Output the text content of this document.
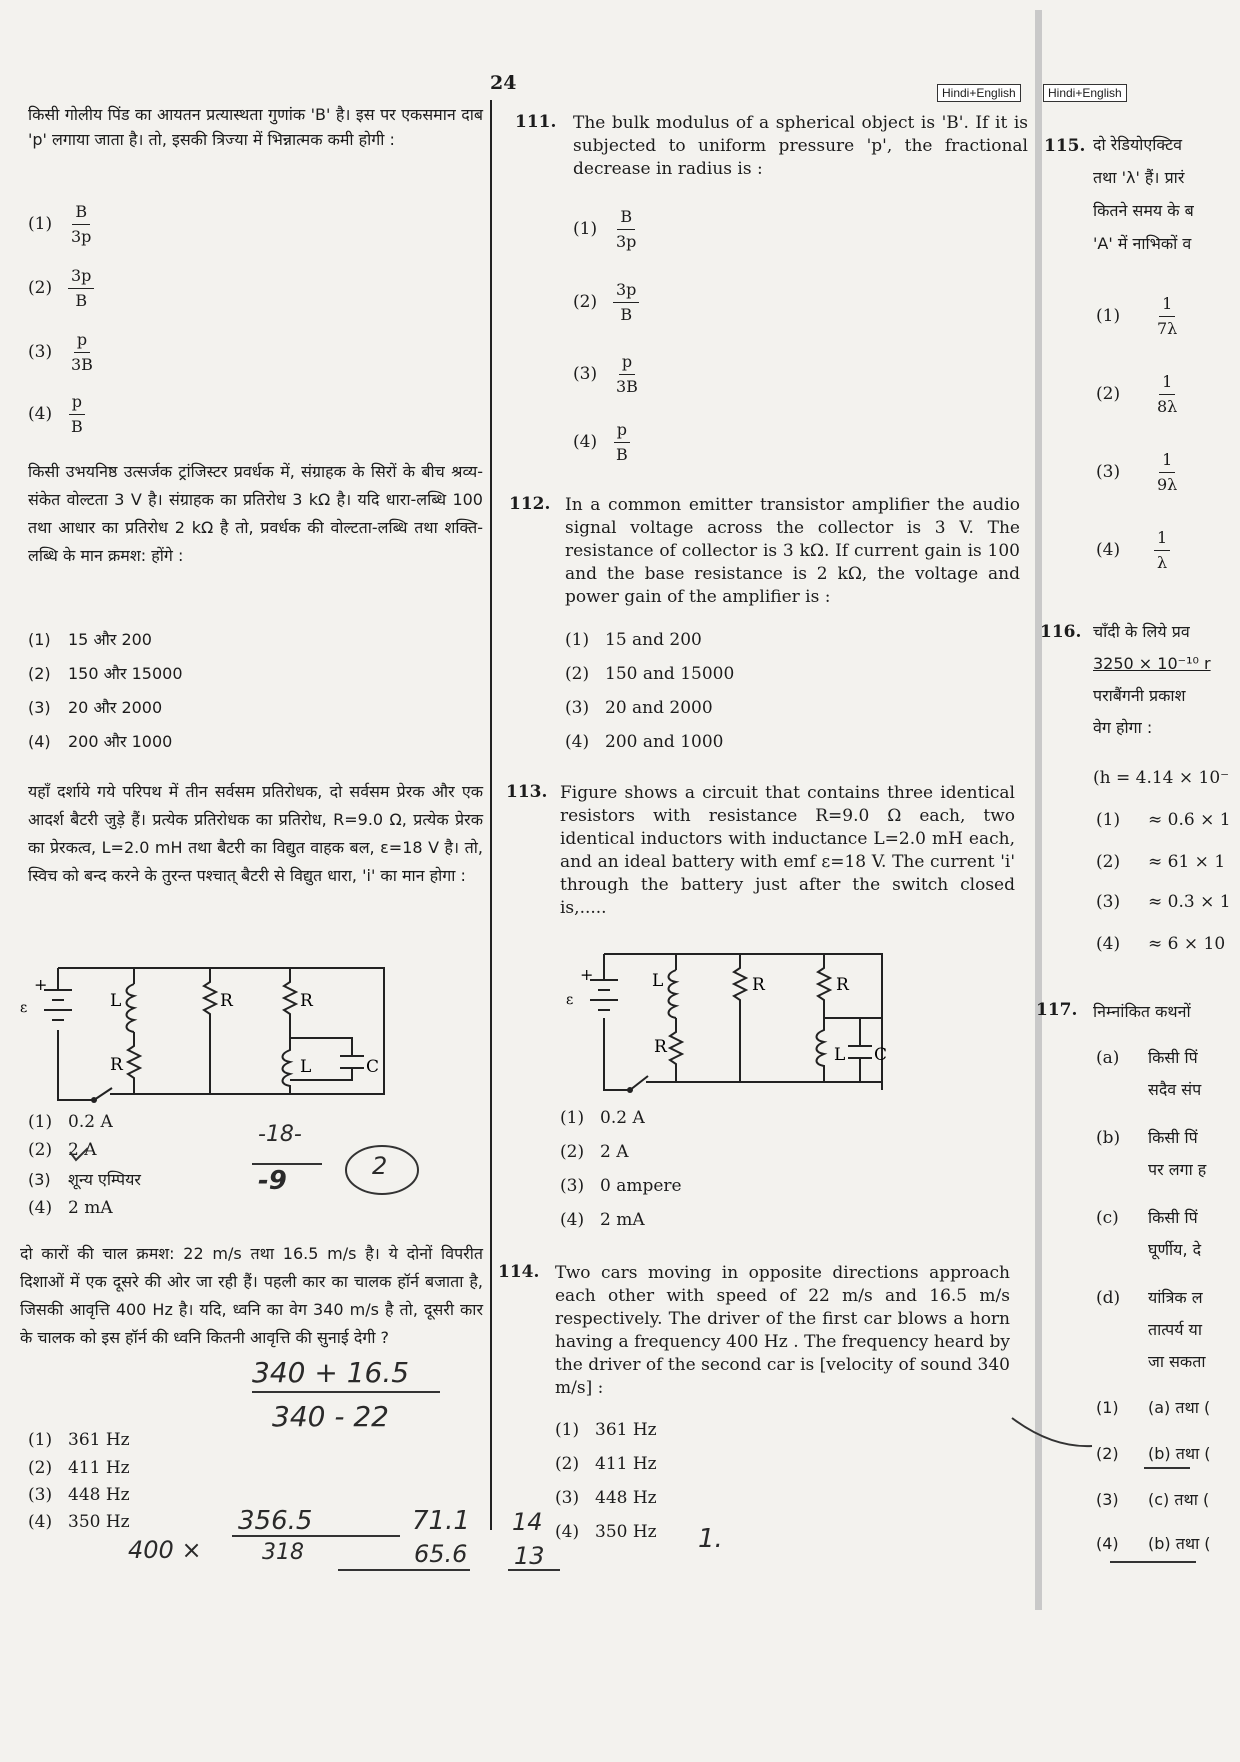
24	Hindi+English	Hindi+English
किसी गोलीय पिंड का आयतन प्रत्यास्थता गुणांक 'B' है। इस पर एकसमान दाब 'p' लगाया जाता है। तो, इसकी त्रिज्या में भिन्नात्मक कमी होगी :
$(1) \frac{B}{3p}$
$(2) \frac{3p}{B}$
$(3) \frac{p}{3B}$
$(4) \frac{p}{B}$
किसी उभयनिष्ठ उत्सर्जक ट्रांजिस्टर प्रवर्धक में, संग्राहक के सिरों के बीच श्रव्य-संकेत वोल्टता 3 V है। संग्राहक का प्रतिरोध 3 kΩ है। यदि धारा-लब्धि 100 तथा आधार का प्रतिरोध 2 kΩ है तो, प्रवर्धक की वोल्टता-लब्धि तथा शक्ति-लब्धि के मान क्रमश: होंगे :
(1) 15 और 200
(2) 150 और 15000
(3) 20 और 2000
(4) 200 और 1000
यहाँ दर्शाये गये परिपथ में तीन सर्वसम प्रतिरोधक, दो सर्वसम प्रेरक और एक आदर्श बैटरी जुड़े हैं। प्रत्येक प्रतिरोधक का प्रतिरोध, R=9.0 Ω, प्रत्येक प्रेरक का प्रेरकत्व, L=2.0 mH तथा बैटरी का विद्युत वाहक बल, ε=18 V है। तो, स्विच को बन्द करने के तुरन्त पश्चात् बैटरी से विद्युत धारा, 'i' का मान होगा :
ε
+
L
R
R	R
L	C
(1) 0.2 A
(2) 2 A
(3) शून्य एम्पियर
(4) 2 mA
दो कारों की चाल क्रमश: 22 m/s तथा 16.5 m/s है। ये दोनों विपरीत दिशाओं में एक दूसरे की ओर जा रही हैं। पहली कार का चालक हॉर्न बजाता है, जिसकी आवृत्ति 400 Hz है। यदि, ध्वनि का वेग 340 m/s है तो, दूसरी कार के चालक को इस हॉर्न की ध्वनि कितनी आवृत्ति की सुनाई देगी ?
(1) 361 Hz
(2) 411 Hz
(3) 448 Hz
(4) 350 Hz
111. The bulk modulus of a spherical object is 'B'. If it is subjected to uniform pressure 'p', the fractional decrease in radius is :
$(1) \frac{B}{3p}$
$(2) \frac{3p}{B}$
$(3) \frac{p}{3B}$
$(4) \frac{p}{B}$
112. In a common emitter transistor amplifier the audio signal voltage across the collector is 3 V. The resistance of collector is 3 kΩ. If current gain is 100 and the base resistance is 2 kΩ, the voltage and power gain of the amplifier is :
(1) 15 and 200
(2) 150 and 15000
(3) 20 and 2000
(4) 200 and 1000
113. Figure shows a circuit that contains three identical resistors with resistance R=9.0 Ω each, two identical inductors with inductance L=2.0 mH each, and an ideal battery with emf ε=18 V. The current 'i' through the battery just after the switch closed is,.....
ε
+	L
R
R	R
L C
(1) 0.2 A
(2) 2 A
(3) 0 ampere
(4) 2 mA
114. Two cars moving in opposite directions approach each other with speed of 22 m/s and 16.5 m/s respectively. The driver of the first car blows a horn having a frequency 400 Hz . The frequency heard by the driver of the second car is [velocity of sound 340 m/s] :
(1) 361 Hz
(2) 411 Hz
(3) 448 Hz
(4) 350 Hz
115. दो रेडियोएक्टिव
तथा 'λ' हैं। प्रारं
कितने समय के ब
'A' में नाभिकों व
$(1) \frac{1}{7\lambda}$
$(2) \frac{1}{8\lambda}$
$(3) \frac{1}{9\lambda}$
$(4) \frac{1}{\lambda}$
116. चाँदी के लिये प्रव
3250 × 10⁻¹⁰ r
पराबैंगनी प्रकाश
वेग होगा :
(h = 4.14 × 10⁻
(1) ≈ 0.6 × 1
(2) ≈ 61 × 1
(3) ≈ 0.3 × 1
(4) ≈ 6 × 10
117. निम्नांकित कथनों
(a) किसी पिं
सदैव संप
(b) किसी पिं
पर लगा ह
(c) किसी पिं
घूर्णीय, दे
(d) यांत्रिक ल
तात्पर्य या
जा सकता
(1) (a) तथा (
(2) (b) तथा (
(3) (c) तथा (
(4) (b) तथा (
-18-
-9	2
340 + 16.5
340 - 22
400 ×
356.5
318
71.1
65.6
14
13
1.
